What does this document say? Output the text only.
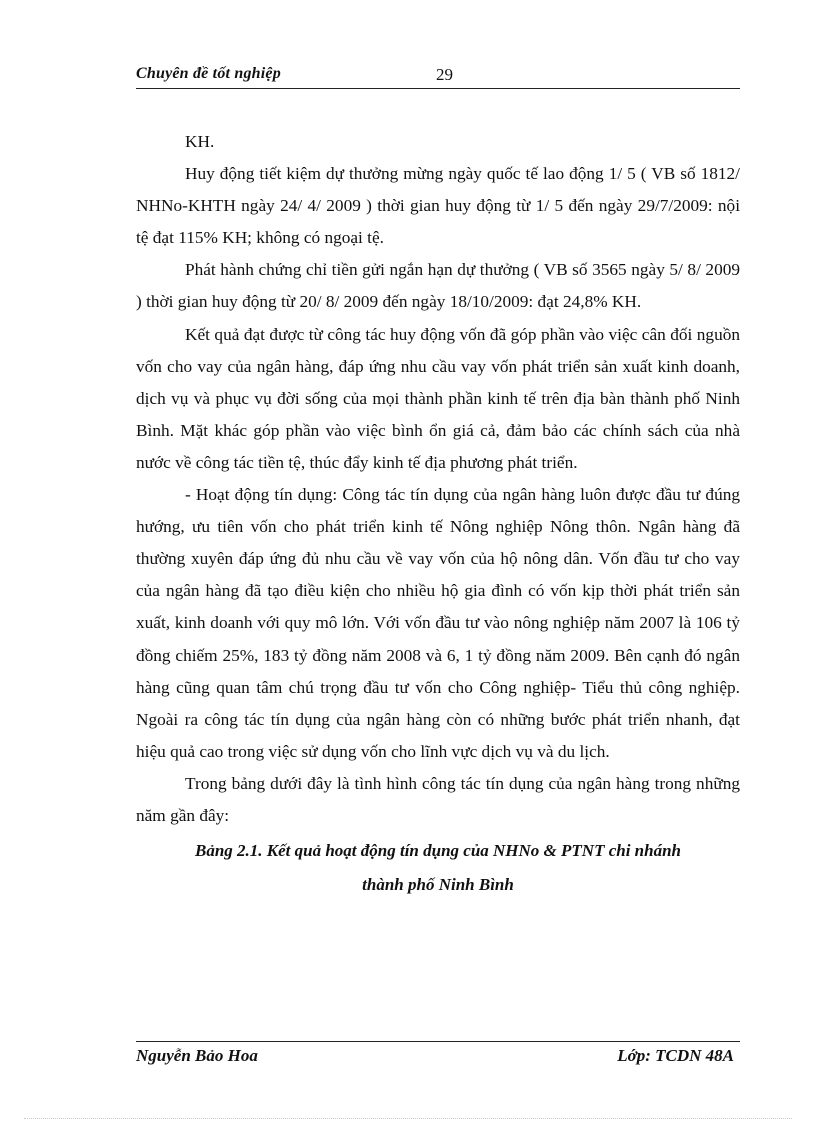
Chuyên đề tốt nghiệp	29

KH.

Huy động tiết kiệm dự thưởng mừng ngày quốc tế lao động 1/ 5 ( VB số 1812/ NHNo-KHTH ngày 24/ 4/ 2009 ) thời gian huy động từ 1/ 5 đến ngày 29/7/2009: nội tệ đạt 115% KH; không có ngoại tệ.

Phát hành chứng chỉ tiền gửi ngắn hạn dự thưởng ( VB số 3565 ngày 5/ 8/ 2009 ) thời gian huy động từ 20/ 8/ 2009 đến ngày 18/10/2009: đạt 24,8% KH.

Kết quả đạt được từ công tác huy động vốn đã góp phần vào việc cân đối nguồn vốn cho vay của ngân hàng, đáp ứng nhu cầu vay vốn phát triển sản xuất kinh doanh, dịch vụ và phục vụ đời sống của mọi thành phần kinh tế trên địa bàn thành phố Ninh Bình. Mặt khác góp phần vào việc bình ổn giá cả, đảm bảo các chính sách của nhà nước về công tác tiền tệ, thúc đẩy kinh tế địa phương phát triển.

- Hoạt động tín dụng: Công tác tín dụng của ngân hàng luôn được đầu tư đúng hướng, ưu tiên vốn cho phát triển kinh tế Nông nghiệp Nông thôn. Ngân hàng đã thường xuyên đáp ứng đủ nhu cầu về vay vốn của hộ nông dân. Vốn đầu tư cho vay của ngân hàng đã tạo điều kiện cho nhiều hộ gia đình có vốn kịp thời phát triển sản xuất, kinh doanh với quy mô lớn. Với vốn đầu tư vào nông nghiệp năm 2007 là 106 tỷ đồng chiếm 25%, 183 tỷ đồng năm 2008 và 6, 1 tỷ đồng năm 2009. Bên cạnh đó ngân hàng cũng quan tâm chú trọng đầu tư vốn cho Công nghiệp- Tiểu thủ công nghiệp. Ngoài ra công tác tín dụng của ngân hàng còn có những bước phát triển nhanh, đạt hiệu quả cao trong việc sử dụng vốn cho lĩnh vực dịch vụ và du lịch.

Trong bảng dưới đây là tình hình công tác tín dụng của ngân hàng trong những năm gần đây:

Bảng 2.1. Kết quả hoạt động tín dụng của NHNo & PTNT chi nhánh
thành phố Ninh Bình
Nguyễn Bảo Hoa	Lớp: TCDN 48A
